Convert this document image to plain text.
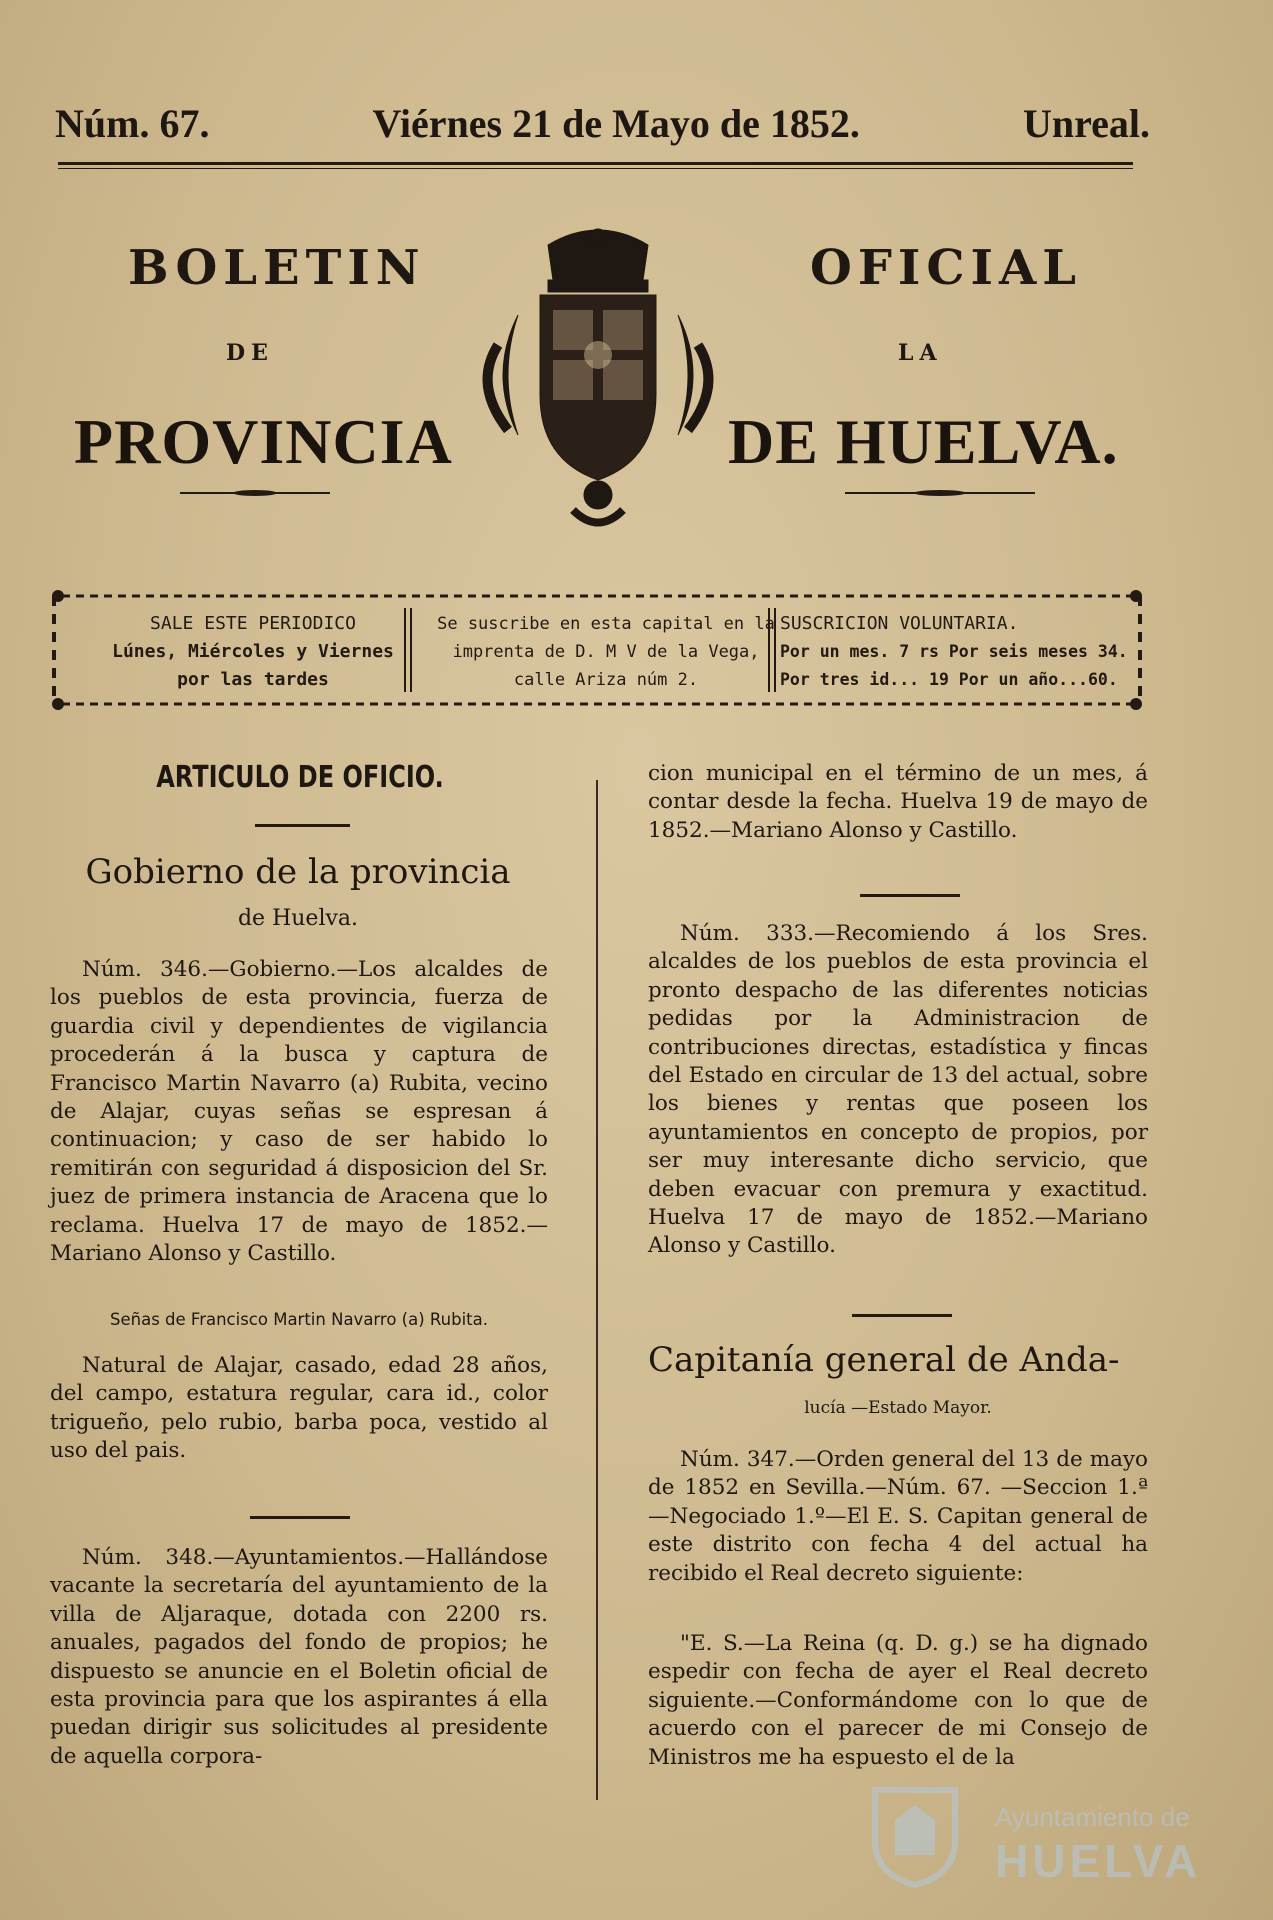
Núm. 67.	Viérnes 21 de Mayo de 1852.	Unreal.
BOLETIN	OFICIAL
DE	LA
PROVINCIA	DE HUELVA.
SALE ESTE PERIODICO
Lúnes, Miércoles y Viernes
por las tardes
Se suscribe en esta capital en la
imprenta de D. M V de la Vega,
calle Ariza núm 2.
SUSCRICION VOLUNTARIA.
Por un mes. 7 rs Por seis meses 34.
Por tres id... 19 Por un año...60.
ARTICULO DE OFICIO.
Gobierno de la provincia
de Huelva.

Núm. 346.—Gobierno.—Los alcaldes de los pueblos de esta provincia, fuerza de guardia civil y dependientes de vigilancia procederán á la busca y captura de Francisco Martin Navarro (a) Rubita, vecino de Alajar, cuyas señas se espresan á continuacion; y caso de ser habido lo remitirán con seguridad á disposicion del Sr. juez de primera instancia de Aracena que lo reclama. Huelva 17 de mayo de 1852.—Mariano Alonso y Castillo.

Señas de Francisco Martin Navarro (a) Rubita.

Natural de Alajar, casado, edad 28 años, del campo, estatura regular, cara id., color trigueño, pelo rubio, barba poca, vestido al uso del pais.

Núm. 348.—Ayuntamientos.—Hallándose vacante la secretaría del ayuntamiento de la villa de Aljaraque, dotada con 2200 rs. anuales, pagados del fondo de propios; he dispuesto se anuncie en el Boletin oficial de esta provincia para que los aspirantes á ella puedan dirigir sus solicitudes al presidente de aquella corpora-

cion municipal en el término de un mes, á contar desde la fecha. Huelva 19 de mayo de 1852.—Mariano Alonso y Castillo.

Núm. 333.—Recomiendo á los Sres. alcaldes de los pueblos de esta provincia el pronto despacho de las diferentes noticias pedidas por la Administracion de contribuciones directas, estadística y fincas del Estado en circular de 13 del actual, sobre los bienes y rentas que poseen los ayuntamientos en concepto de propios, por ser muy interesante dicho servicio, que deben evacuar con premura y exactitud. Huelva 17 de mayo de 1852.—Mariano Alonso y Castillo.

Capitanía general de Anda-
lucía —Estado Mayor.

Núm. 347.—Orden general del 13 de mayo de 1852 en Sevilla.—Núm. 67. —Seccion 1.ª—Negociado 1.º—El E. S. Capitan general de este distrito con fecha 4 del actual ha recibido el Real decreto siguiente:

"E. S.—La Reina (q. D. g.) se ha dignado espedir con fecha de ayer el Real decreto siguiente.—Conformándome con lo que de acuerdo con el parecer de mi Consejo de Ministros me ha espuesto el de la

Ayuntamiento de
HUELVA
